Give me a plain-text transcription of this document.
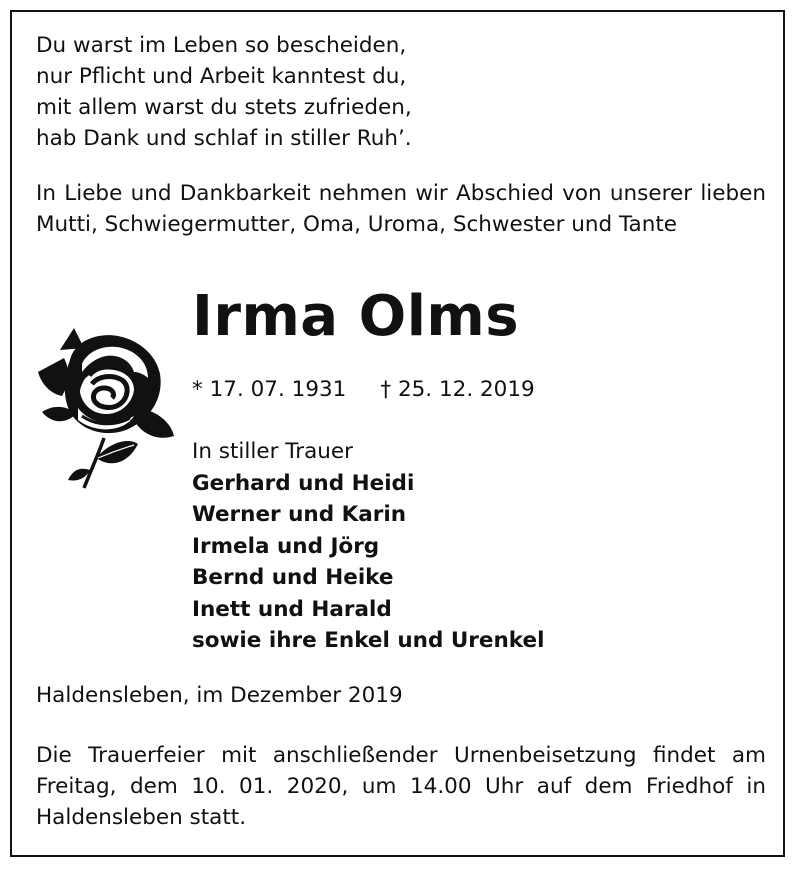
Du warst im Leben so bescheiden,
nur Pflicht und Arbeit kanntest du,
mit allem warst du stets zufrieden,
hab Dank und schlaf in stiller Ruh’.

In Liebe und Dankbarkeit nehmen wir Abschied von unserer lieben Mutti, Schwiegermutter, Oma, Uroma, Schwester und Tante

Irma Olms
* 17. 07. 1931 † 25. 12. 2019
In stiller Trauer
Gerhard und Heidi
Werner und Karin
Irmela und Jörg
Bernd und Heike
Inett und Harald
sowie ihre Enkel und Urenkel
Haldensleben, im Dezember 2019

Die Trauerfeier mit anschließender Urnenbeisetzung findet am Freitag, dem 10. 01. 2020, um 14.00 Uhr auf dem Friedhof in Haldensleben statt.
